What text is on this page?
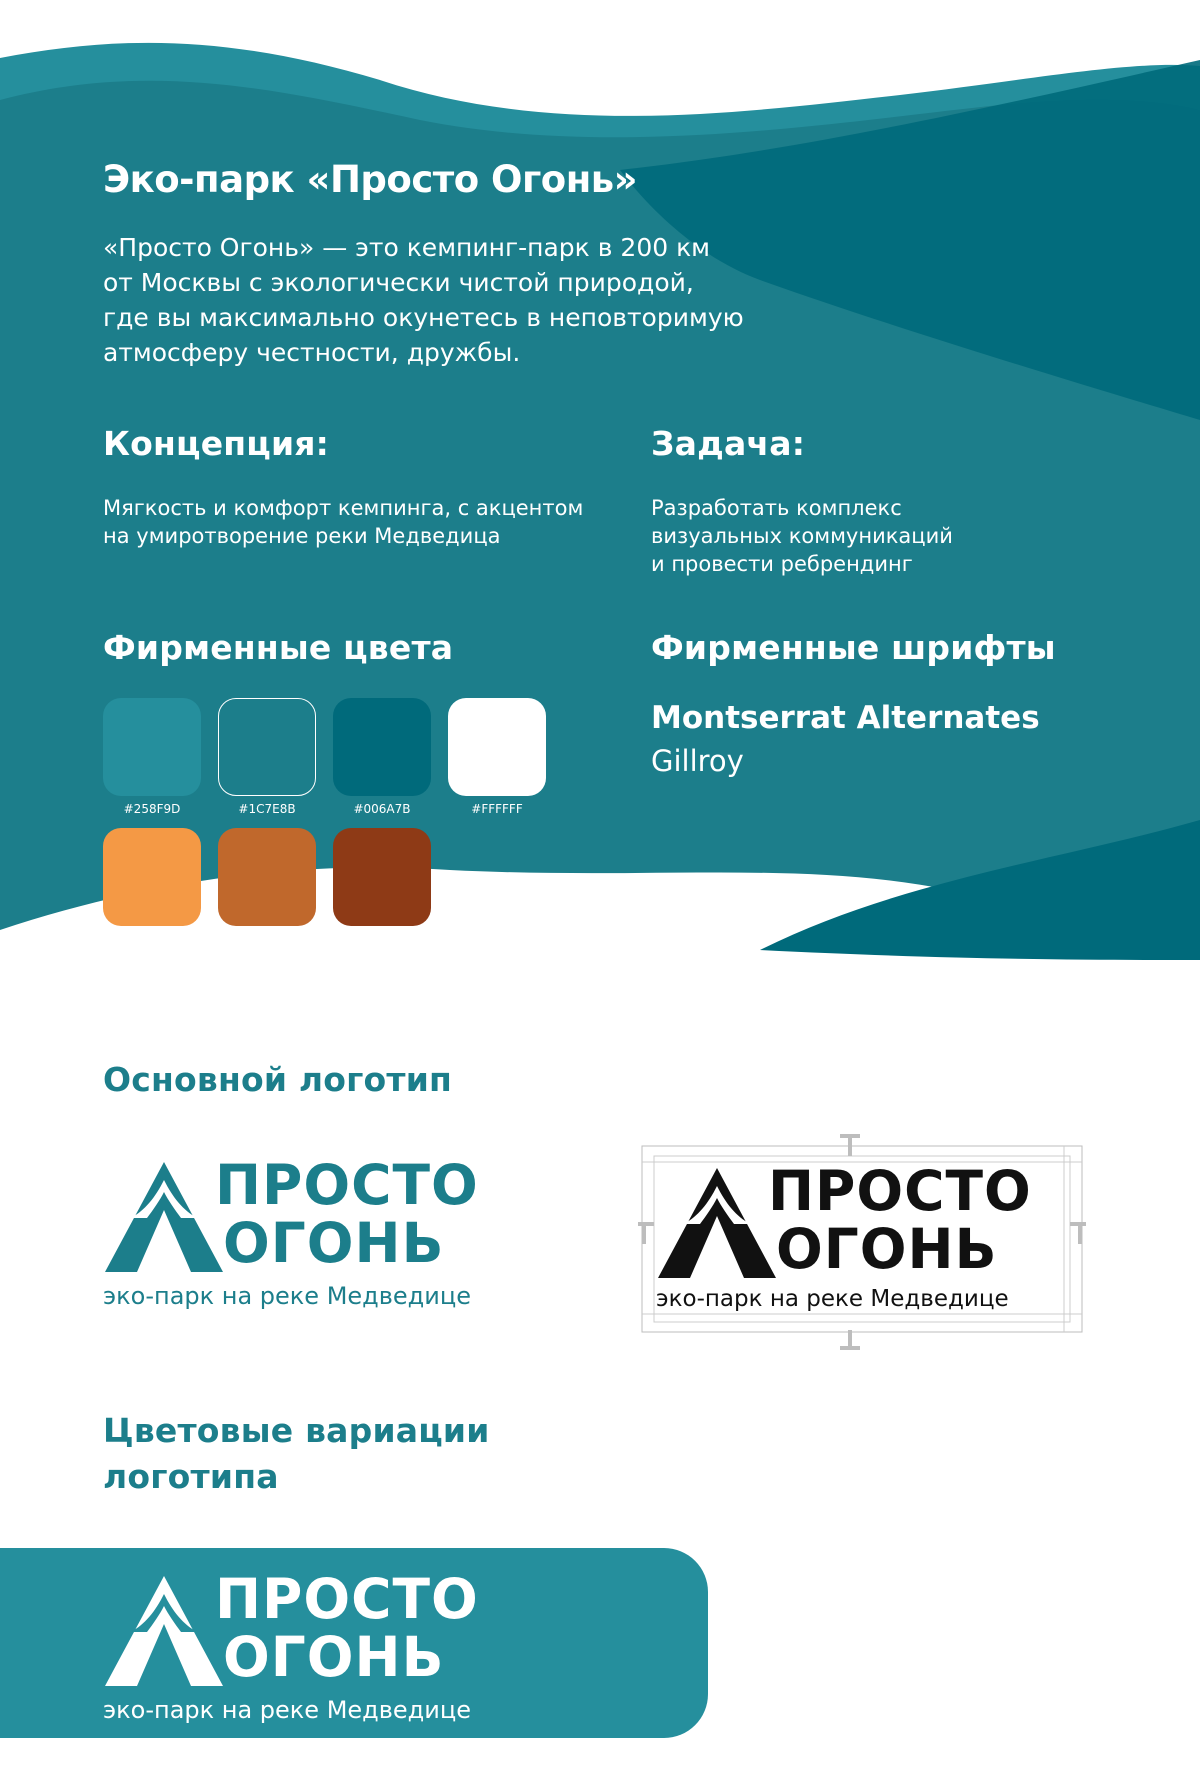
Эко-парк «Просто Огонь»
«Просто Огонь» — это кемпинг-парк в 200 км
от Москвы с экологически чистой природой,
где вы максимально окунетесь в неповторимую
атмосферу честности, дружбы.
Концепция:
Мягкость и комфорт кемпинга, с акцентом
на умиротворение реки Медведица
Задача:
Разработать комплекс
визуальных коммуникаций
и провести ребрендинг
Фирменные цвета
#258F9D	#1C7E8B	#006A7B	#FFFFFF
#F49945	#C0682C	#8E3A16
Фирменные шрифты
Montserrat Alternates
Gillroy
Основной логотип
ПРОСТО
ОГОНЬ
эко-парк на реке Медведице
ПРОСТО
ОГОНЬ
эко-парк на реке Медведице
Цветовые вариации
логотипа
ПРОСТО
ОГОНЬ
эко-парк на реке Медведице
